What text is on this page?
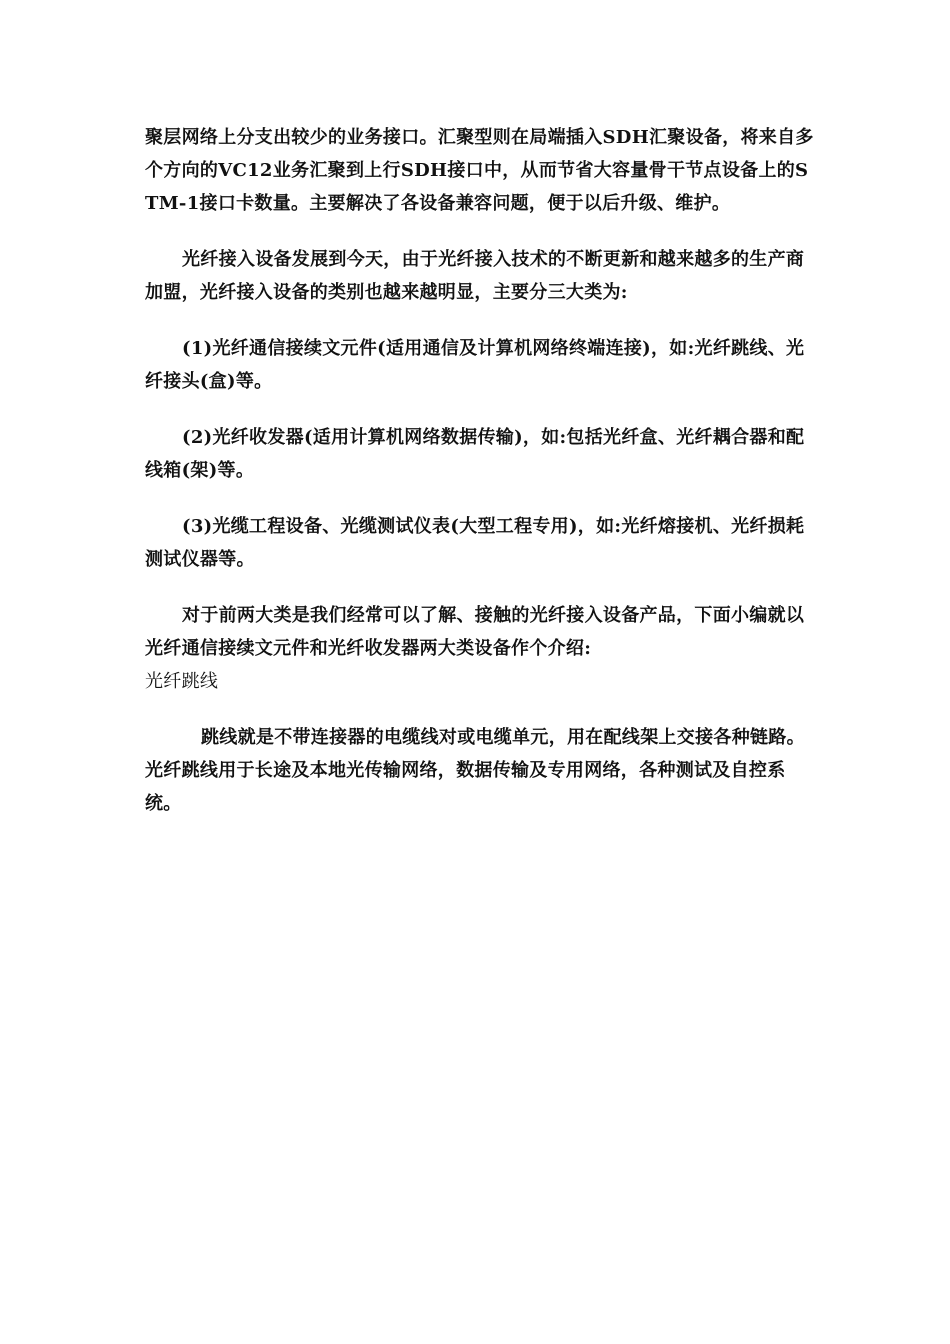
聚层网络上分支出较少的业务接口。汇聚型则在局端插入SDH汇聚设备，将来自多个方向的VC12业务汇聚到上行SDH接口中，从而节省大容量骨干节点设备上的STM-1接口卡数量。主要解决了各设备兼容问题，便于以后升级、维护。

光纤接入设备发展到今天，由于光纤接入技术的不断更新和越来越多的生产商加盟，光纤接入设备的类别也越来越明显，主要分三大类为:

(1)光纤通信接续文元件(适用通信及计算机网络终端连接)，如:光纤跳线、光纤接头(盒)等。

(2)光纤收发器(适用计算机网络数据传输)，如:包括光纤盒、光纤耦合器和配线箱(架)等。

(3)光缆工程设备、光缆测试仪表(大型工程专用)，如:光纤熔接机、光纤损耗测试仪器等。

对于前两大类是我们经常可以了解、接触的光纤接入设备产品，下面小编就以光纤通信接续文元件和光纤收发器两大类设备作个介绍:

光纤跳线

跳线就是不带连接器的电缆线对或电缆单元，用在配线架上交接各种链路。光纤跳线用于长途及本地光传输网络，数据传输及专用网络，各种测试及自控系统。
